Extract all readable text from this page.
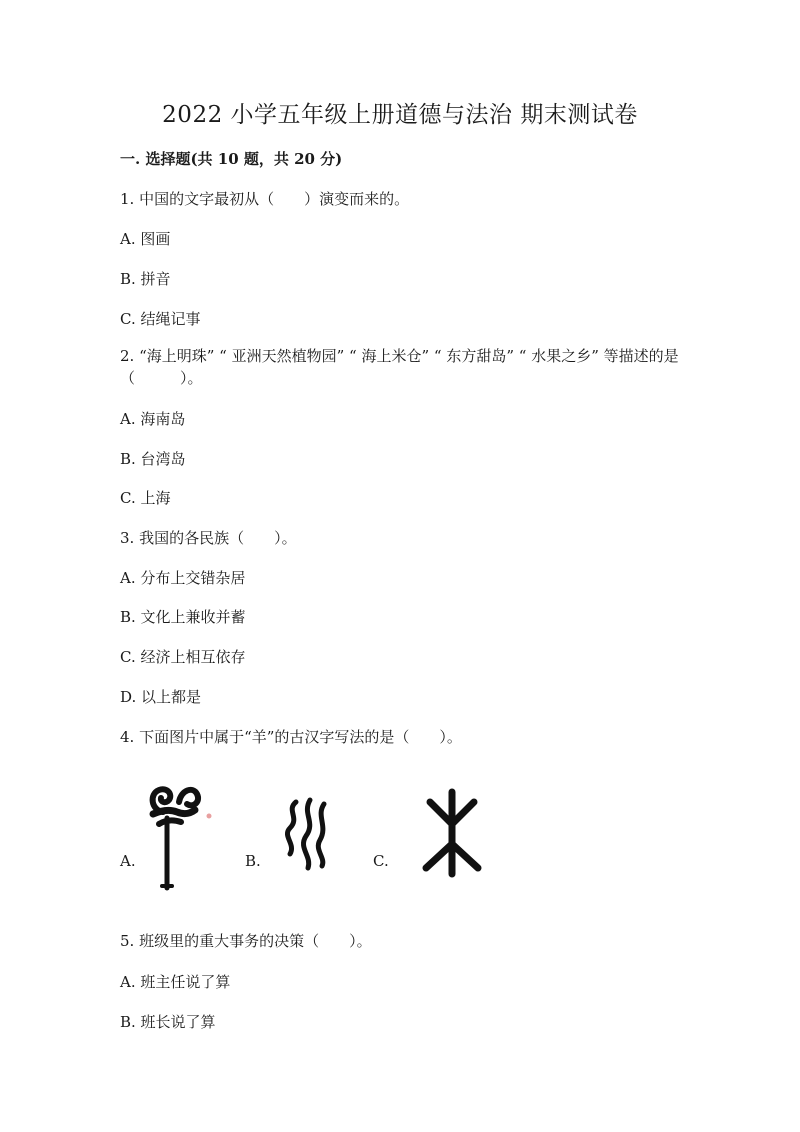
2022 小学五年级上册道德与法治 期末测试卷
一. 选择题(共 10 题，共 20 分)
1. 中国的文字最初从（　　）演变而来的。
A. 图画
B. 拼音
C. 结绳记事
2. “海上明珠” “ 亚洲天然植物园” “ 海上米仓” “ 东方甜岛” “ 水果之乡” 等描述的是（　　　）。
A. 海南岛
B. 台湾岛
C. 上海
3. 我国的各民族（　　）。
A. 分布上交错杂居
B. 文化上兼收并蓄
C. 经济上相互依存
D. 以上都是
4. 下面图片中属于“羊”的古汉字写法的是（　　）。
A.	B.	C.
5. 班级里的重大事务的决策（　　）。
A. 班主任说了算
B. 班长说了算
